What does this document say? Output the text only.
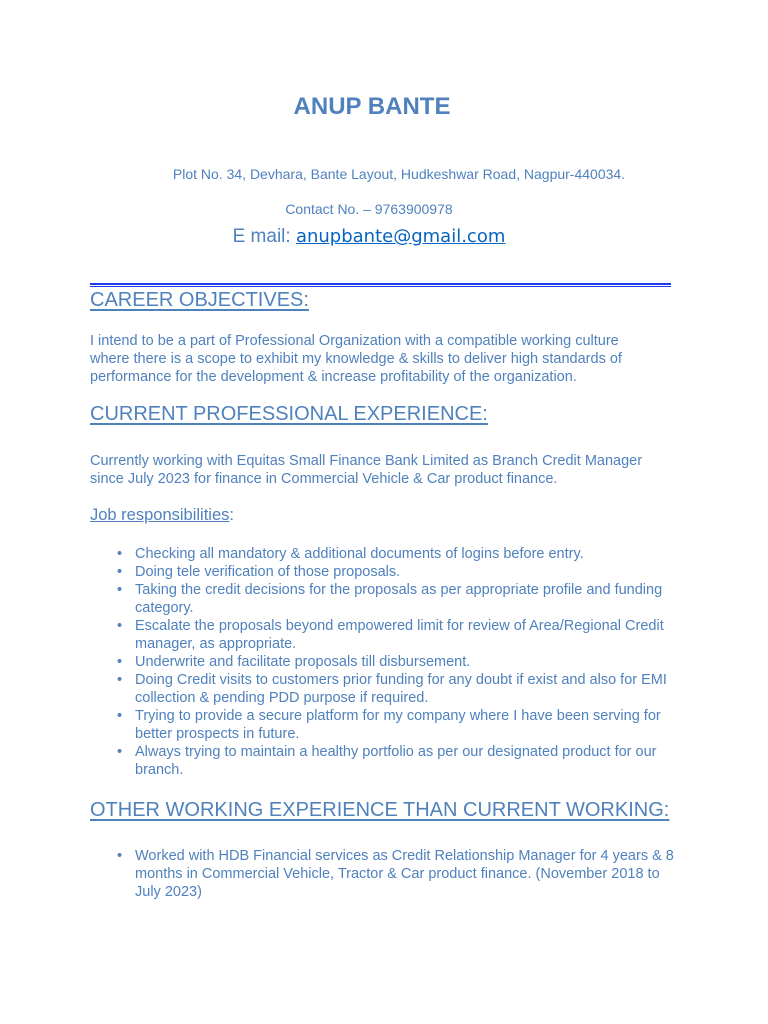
ANUP BANTE
Plot No. 34, Devhara, Bante Layout, Hudkeshwar Road, Nagpur-440034.
Contact No. – 9763900978
E mail: anupbante@gmail.com
CAREER OBJECTIVES:
I intend to be a part of Professional Organization with a compatible working culture where there is a scope to exhibit my knowledge & skills to deliver high standards of performance for the development & increase profitability of the organization.
CURRENT PROFESSIONAL EXPERIENCE:
Currently working with Equitas Small Finance Bank Limited as Branch Credit Manager since July 2023 for finance in Commercial Vehicle & Car product finance.
Job responsibilities:
• Checking all mandatory & additional documents of logins before entry.
• Doing tele verification of those proposals.
• Taking the credit decisions for the proposals as per appropriate profile and funding category.
• Escalate the proposals beyond empowered limit for review of Area/Regional Credit manager, as appropriate.
• Underwrite and facilitate proposals till disbursement.
• Doing Credit visits to customers prior funding for any doubt if exist and also for EMI collection & pending PDD purpose if required.
• Trying to provide a secure platform for my company where I have been serving for better prospects in future.
• Always trying to maintain a healthy portfolio as per our designated product for our branch.
OTHER WORKING EXPERIENCE THAN CURRENT WORKING:
• Worked with HDB Financial services as Credit Relationship Manager for 4 years & 8 months in Commercial Vehicle, Tractor & Car product finance. (November 2018 to July 2023)
